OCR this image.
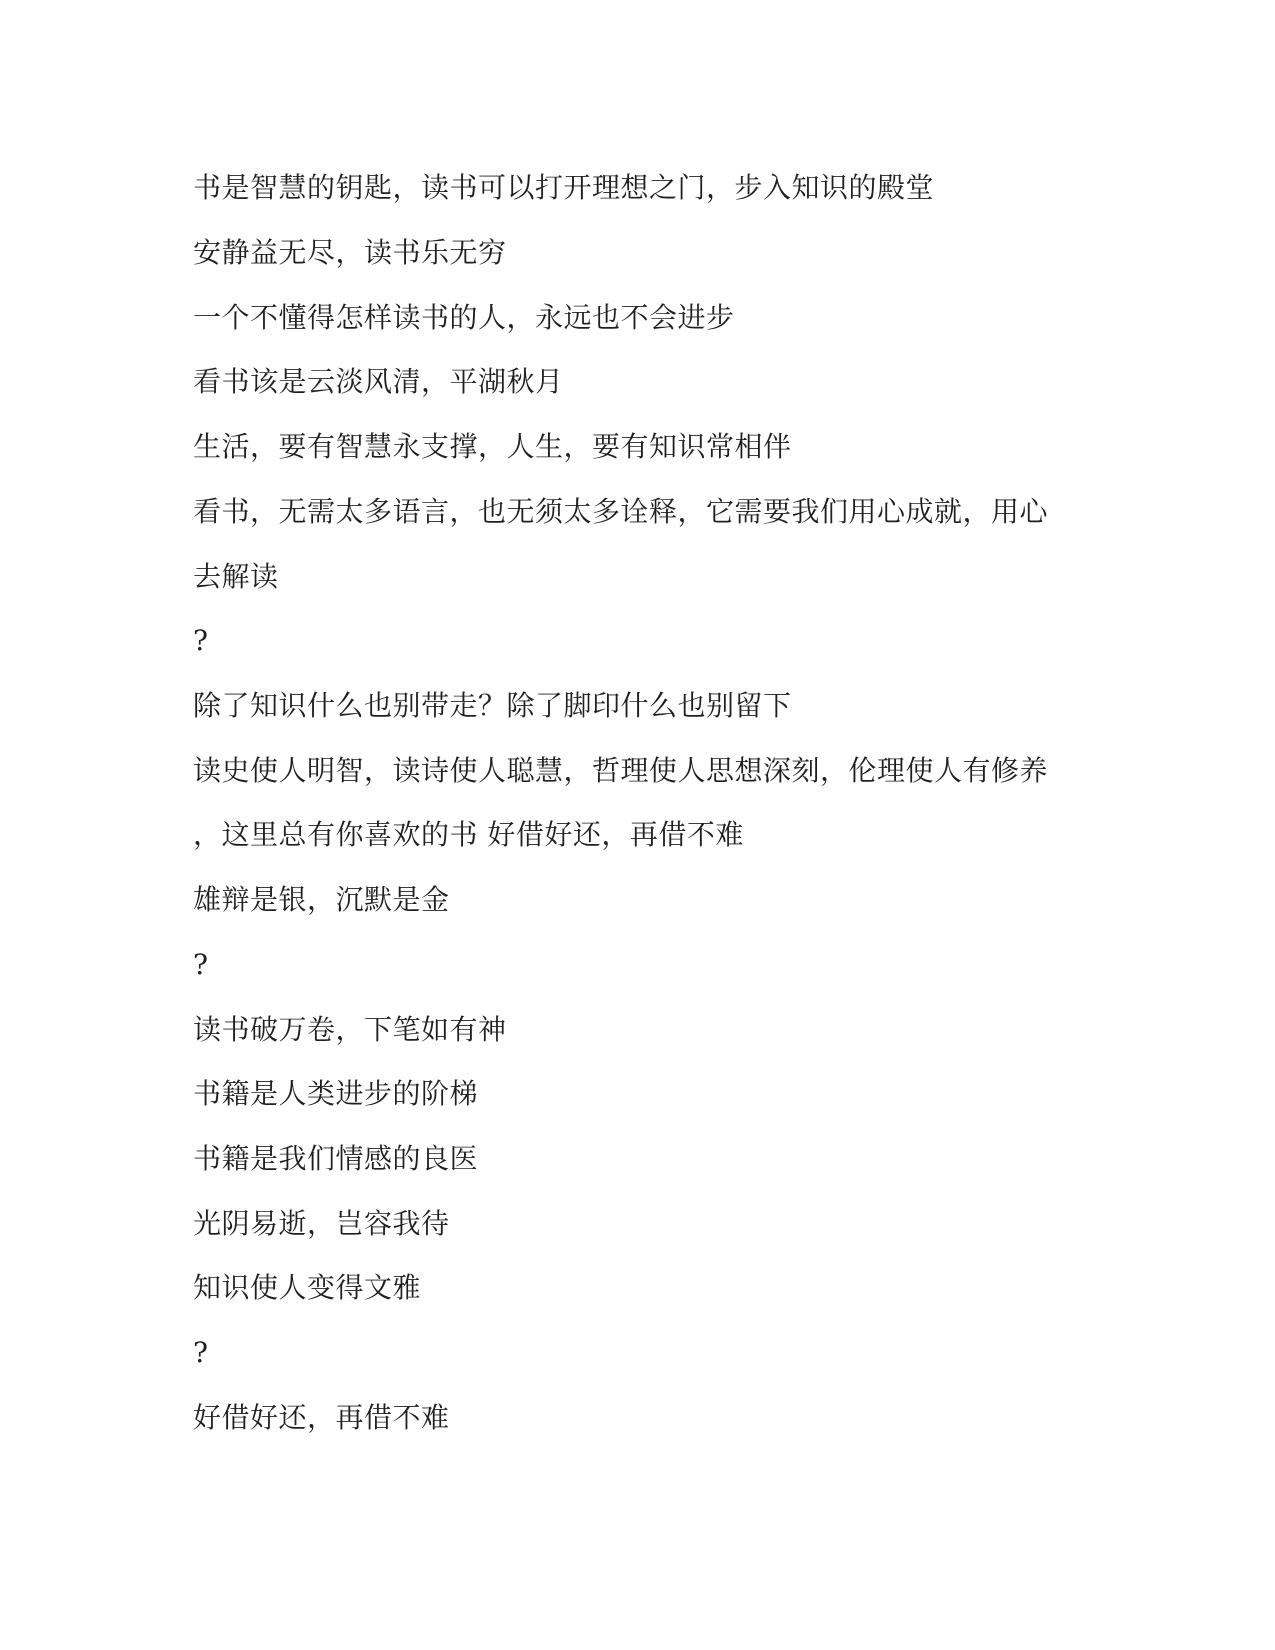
书是智慧的钥匙，读书可以打开理想之门，步入知识的殿堂

安静益无尽，读书乐无穷

一个不懂得怎样读书的人，永远也不会进步

看书该是云淡风清，平湖秋月

生活，要有智慧永支撑，人生，要有知识常相伴

看书，无需太多语言，也无须太多诠释，它需要我们用心成就，用心

去解读

?

除了知识什么也别带走？除了脚印什么也别留下

读史使人明智，读诗使人聪慧，哲理使人思想深刻，伦理使人有修养

，这里总有你喜欢的书 好借好还，再借不难

雄辩是银，沉默是金

?

读书破万卷，下笔如有神

书籍是人类进步的阶梯

书籍是我们情感的良医

光阴易逝，岂容我待

知识使人变得文雅

?

好借好还，再借不难
